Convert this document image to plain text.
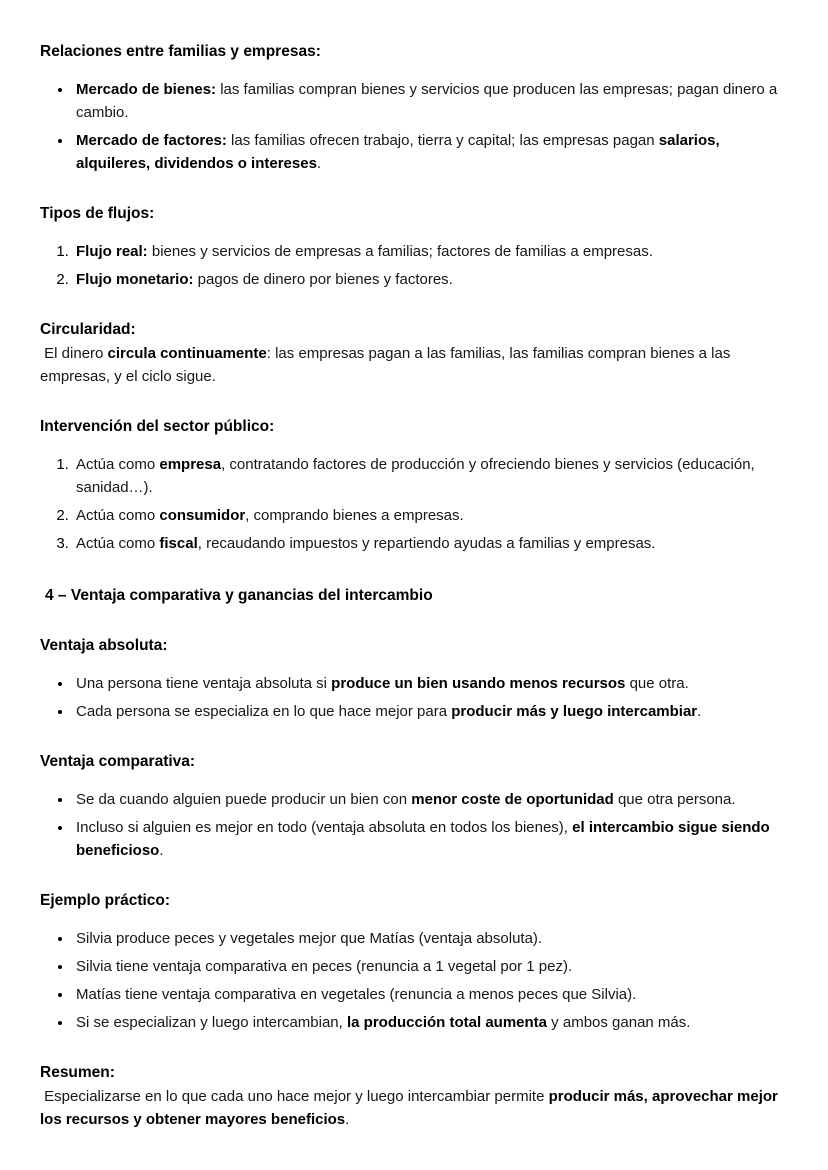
Relaciones entre familias y empresas:
• Mercado de bienes: las familias compran bienes y servicios que producen las empresas; pagan dinero a cambio.
• Mercado de factores: las familias ofrecen trabajo, tierra y capital; las empresas pagan salarios, alquileres, dividendos o intereses.
Tipos de flujos:
1. Flujo real: bienes y servicios de empresas a familias; factores de familias a empresas.
2. Flujo monetario: pagos de dinero por bienes y factores.
Circularidad:
El dinero circula continuamente: las empresas pagan a las familias, las familias compran bienes a las empresas, y el ciclo sigue.
Intervención del sector público:
1. Actúa como empresa, contratando factores de producción y ofreciendo bienes y servicios (educación, sanidad…).
2. Actúa como consumidor, comprando bienes a empresas.
3. Actúa como fiscal, recaudando impuestos y repartiendo ayudas a familias y empresas.
4 – Ventaja comparativa y ganancias del intercambio
Ventaja absoluta:
• Una persona tiene ventaja absoluta si produce un bien usando menos recursos que otra.
• Cada persona se especializa en lo que hace mejor para producir más y luego intercambiar.
Ventaja comparativa:
• Se da cuando alguien puede producir un bien con menor coste de oportunidad que otra persona.
• Incluso si alguien es mejor en todo (ventaja absoluta en todos los bienes), el intercambio sigue siendo beneficioso.
Ejemplo práctico:
• Silvia produce peces y vegetales mejor que Matías (ventaja absoluta).
• Silvia tiene ventaja comparativa en peces (renuncia a 1 vegetal por 1 pez).
• Matías tiene ventaja comparativa en vegetales (renuncia a menos peces que Silvia).
• Si se especializan y luego intercambian, la producción total aumenta y ambos ganan más.
Resumen:
Especializarse en lo que cada uno hace mejor y luego intercambiar permite producir más, aprovechar mejor los recursos y obtener mayores beneficios.
